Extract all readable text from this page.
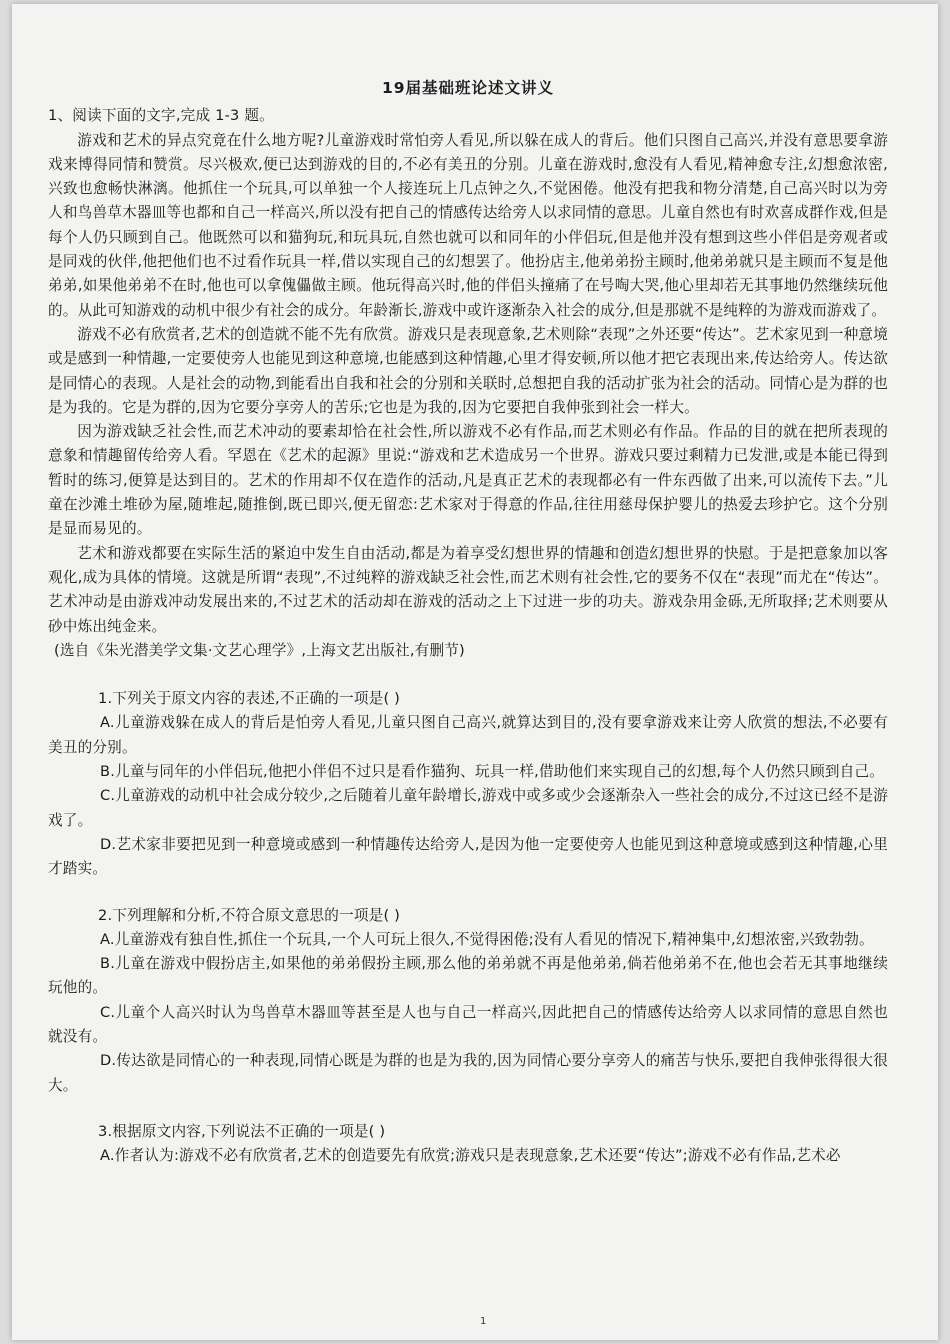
19届基础班论述文讲义

1、阅读下面的文字,完成 1-3 题。

游戏和艺术的异点究竟在什么地方呢?儿童游戏时常怕旁人看见,所以躲在成人的背后。他们只图自己高兴,并没有意思要拿游戏来博得同情和赞赏。尽兴极欢,便已达到游戏的目的,不必有美丑的分别。儿童在游戏时,愈没有人看见,精神愈专注,幻想愈浓密,兴致也愈畅快淋漓。他抓住一个玩具,可以单独一个人接连玩上几点钟之久,不觉困倦。他没有把我和物分清楚,自己高兴时以为旁人和鸟兽草木器皿等也都和自己一样高兴,所以没有把自己的情感传达给旁人以求同情的意思。儿童自然也有时欢喜成群作戏,但是每个人仍只顾到自己。他既然可以和猫狗玩,和玩具玩,自然也就可以和同年的小伴侣玩,但是他并没有想到这些小伴侣是旁观者或是同戏的伙伴,他把他们也不过看作玩具一样,借以实现自己的幻想罢了。他扮店主,他弟弟扮主顾时,他弟弟就只是主顾而不复是他弟弟,如果他弟弟不在时,他也可以拿傀儡做主顾。他玩得高兴时,他的伴侣头撞痛了在号啕大哭,他心里却若无其事地仍然继续玩他的。从此可知游戏的动机中很少有社会的成分。年龄渐长,游戏中或许逐渐杂入社会的成分,但是那就不是纯粹的为游戏而游戏了。

游戏不必有欣赏者,艺术的创造就不能不先有欣赏。游戏只是表现意象,艺术则除“表现”之外还要“传达”。艺术家见到一种意境或是感到一种情趣,一定要使旁人也能见到这种意境,也能感到这种情趣,心里才得安顿,所以他才把它表现出来,传达给旁人。传达欲是同情心的表现。人是社会的动物,到能看出自我和社会的分别和关联时,总想把自我的活动扩张为社会的活动。同情心是为群的也是为我的。它是为群的,因为它要分享旁人的苦乐;它也是为我的,因为它要把自我伸张到社会一样大。

因为游戏缺乏社会性,而艺术冲动的要素却恰在社会性,所以游戏不必有作品,而艺术则必有作品。作品的目的就在把所表现的意象和情趣留传给旁人看。罕恩在《艺术的起源》里说:“游戏和艺术造成另一个世界。游戏只要过剩精力已发泄,或是本能已得到暂时的练习,便算是达到目的。艺术的作用却不仅在造作的活动,凡是真正艺术的表现都必有一件东西做了出来,可以流传下去。”儿童在沙滩土堆砂为屋,随堆起,随推倒,既已即兴,便无留恋:艺术家对于得意的作品,往往用慈母保护婴儿的热爱去珍护它。这个分别是显而易见的。

艺术和游戏都要在实际生活的紧迫中发生自由活动,都是为着享受幻想世界的情趣和创造幻想世界的快慰。于是把意象加以客观化,成为具体的情境。这就是所谓“表现”,不过纯粹的游戏缺乏社会性,而艺术则有社会性,它的要务不仅在“表现”而尤在“传达”。艺术冲动是由游戏冲动发展出来的,不过艺术的活动却在游戏的活动之上下过进一步的功夫。游戏杂用金砾,无所取择;艺术则要从砂中炼出纯金来。

(选自《朱光潜美学文集·文艺心理学》,上海文艺出版社,有删节)

1.下列关于原文内容的表述,不正确的一项是( )

A.儿童游戏躲在成人的背后是怕旁人看见,儿童只图自己高兴,就算达到目的,没有要拿游戏来让旁人欣赏的想法,不必要有美丑的分别。

B.儿童与同年的小伴侣玩,他把小伴侣不过只是看作猫狗、玩具一样,借助他们来实现自己的幻想,每个人仍然只顾到自己。

C.儿童游戏的动机中社会成分较少,之后随着儿童年龄增长,游戏中或多或少会逐渐杂入一些社会的成分,不过这已经不是游戏了。

D.艺术家非要把见到一种意境或感到一种情趣传达给旁人,是因为他一定要使旁人也能见到这种意境或感到这种情趣,心里才踏实。

2.下列理解和分析,不符合原文意思的一项是( )

A.儿童游戏有独自性,抓住一个玩具,一个人可玩上很久,不觉得困倦;没有人看见的情况下,精神集中,幻想浓密,兴致勃勃。

B.儿童在游戏中假扮店主,如果他的弟弟假扮主顾,那么他的弟弟就不再是他弟弟,倘若他弟弟不在,他也会若无其事地继续玩他的。

C.儿童个人高兴时认为鸟兽草木器皿等甚至是人也与自己一样高兴,因此把自己的情感传达给旁人以求同情的意思自然也就没有。

D.传达欲是同情心的一种表现,同情心既是为群的也是为我的,因为同情心要分享旁人的痛苦与快乐,要把自我伸张得很大很大。

3.根据原文内容,下列说法不正确的一项是( )

A.作者认为:游戏不必有欣赏者,艺术的创造要先有欣赏;游戏只是表现意象,艺术还要“传达”;游戏不必有作品,艺术必

1
